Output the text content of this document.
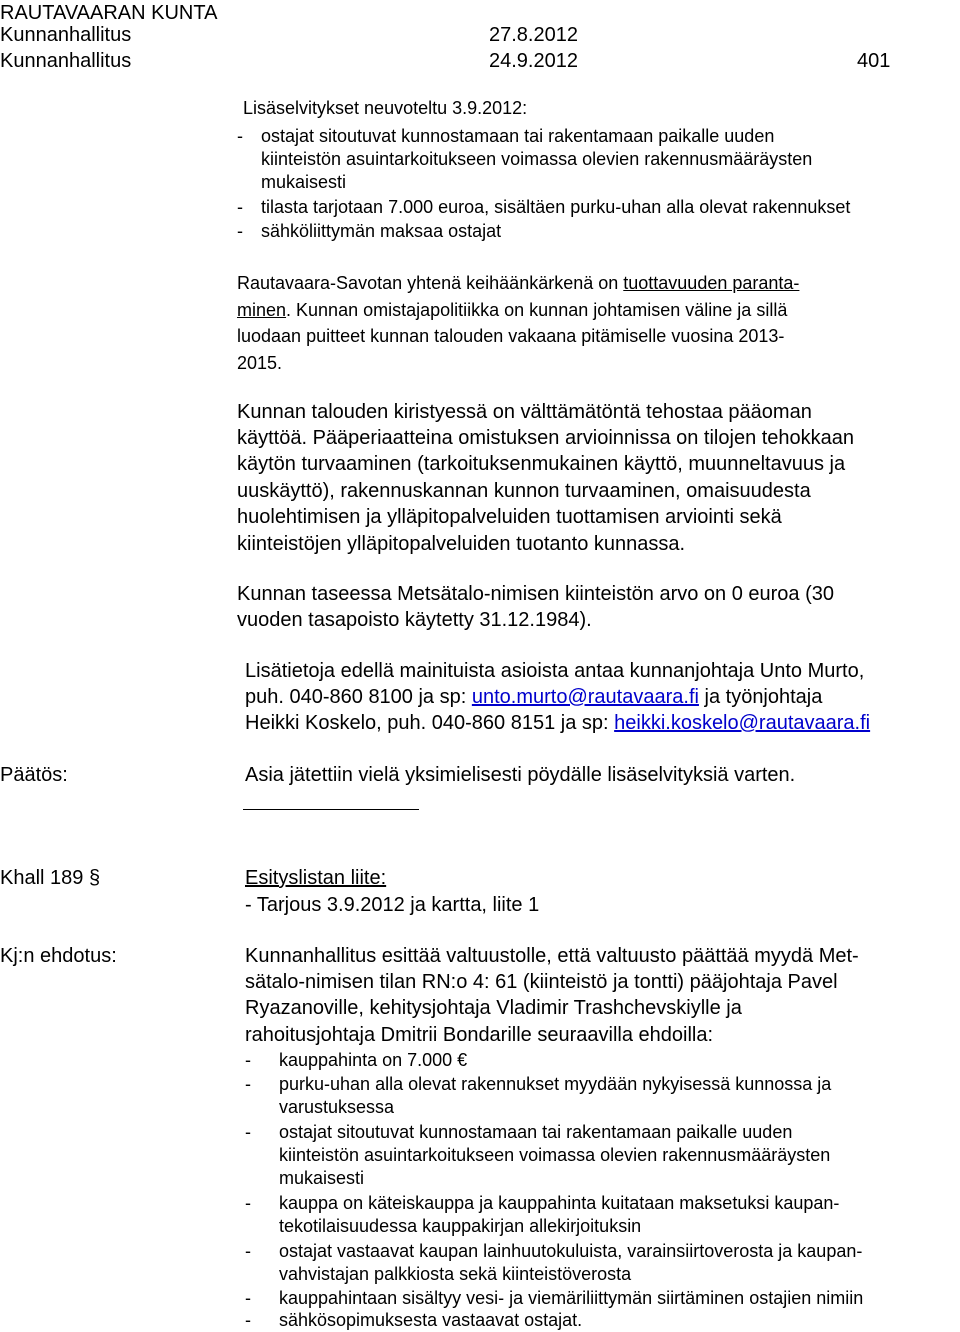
RAUTAVAARAN KUNTA
Kunnanhallitus	27.8.2012
Kunnanhallitus	24.9.2012	401
Lisäselvitykset neuvoteltu 3.9.2012:
- ostajat sitoutuvat kunnostamaan tai rakentamaan paikalle uuden
kiinteistön asuintarkoitukseen voimassa olevien rakennusmääräysten
mukaisesti
- tilasta tarjotaan 7.000 euroa, sisältäen purku-uhan alla olevat rakennukset
- sähköliittymän maksaa ostajat
Rautavaara-Savotan yhtenä keihäänkärkenä on tuottavuuden paranta-
minen. Kunnan omistajapolitiikka on kunnan johtamisen väline ja sillä
luodaan puitteet kunnan talouden vakaana pitämiselle vuosina 2013-
2015.
Kunnan talouden kiristyessä on välttämätöntä tehostaa pääoman
käyttöä. Pääperiaatteina omistuksen arvioinnissa on tilojen tehokkaan
käytön turvaaminen (tarkoituksenmukainen käyttö, muunneltavuus ja
uuskäyttö), rakennuskannan kunnon turvaaminen, omaisuudesta
huolehtimisen ja ylläpitopalveluiden tuottamisen arviointi sekä
kiinteistöjen ylläpitopalveluiden tuotanto kunnassa.
Kunnan taseessa Metsätalo-nimisen kiinteistön arvo on 0 euroa (30
vuoden tasapoisto käytetty 31.12.1984).
Lisätietoja edellä mainituista asioista antaa kunnanjohtaja Unto Murto,
puh. 040-860 8100 ja sp: unto.murto@rautavaara.fi ja työnjohtaja
Heikki Koskelo, puh. 040-860 8151 ja sp: heikki.koskelo@rautavaara.fi
Päätös:	Asia jätettiin vielä yksimielisesti pöydälle lisäselvityksiä varten.
Khall 189 §	Esityslistan liite:
- Tarjous 3.9.2012 ja kartta, liite 1
Kj:n ehdotus:	Kunnanhallitus esittää valtuustolle, että valtuusto päättää myydä Met-
sätalo-nimisen tilan RN:o 4: 61 (kiinteistö ja tontti) pääjohtaja Pavel
Ryazanoville, kehitysjohtaja Vladimir Trashchevskiylle ja
rahoitusjohtaja Dmitrii Bondarille seuraavilla ehdoilla:
- kauppahinta on 7.000 €
- purku-uhan alla olevat rakennukset myydään nykyisessä kunnossa ja
varustuksessa
- ostajat sitoutuvat kunnostamaan tai rakentamaan paikalle uuden
kiinteistön asuintarkoitukseen voimassa olevien rakennusmääräysten
mukaisesti
- kauppa on käteiskauppa ja kauppahinta kuitataan maksetuksi kaupan-
tekotilaisuudessa kauppakirjan allekirjoituksin
- ostajat vastaavat kaupan lainhuutokuluista, varainsiirtoverosta ja kaupan-
vahvistajan palkkiosta sekä kiinteistöverosta
- kauppahintaan sisältyy vesi- ja viemäriliittymän siirtäminen ostajien nimiin
- sähkösopimuksesta vastaavat ostajat.
